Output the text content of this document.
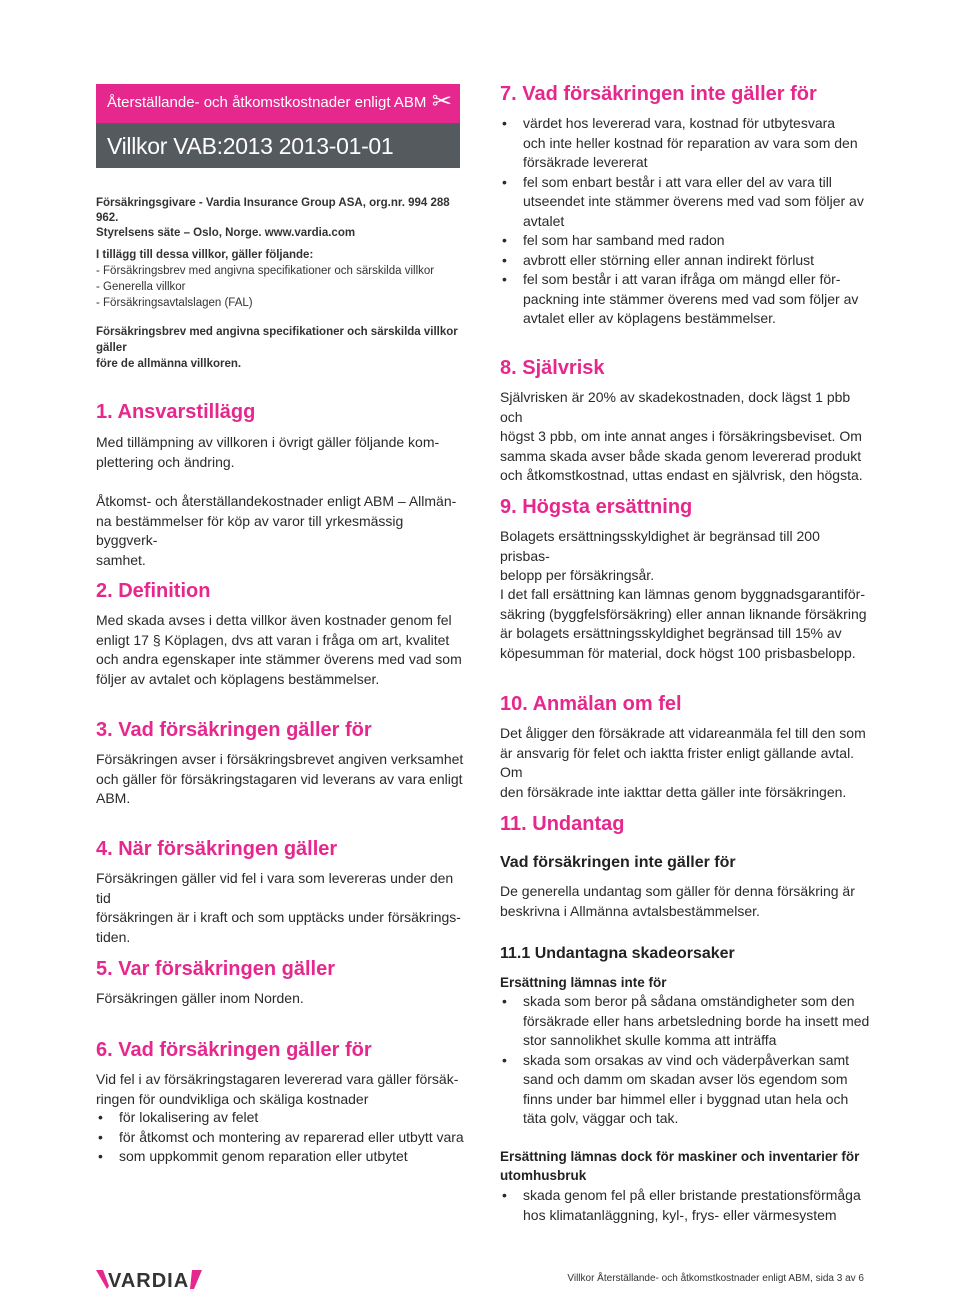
Återställande- och åtkomstkostnader enligt ABM ✂
Villkor VAB:2013 2013-01-01
Försäkringsgivare - Vardia Insurance Group ASA, org.nr. 994 288 962.
Styrelsens säte – Oslo, Norge. www.vardia.com
I tillägg till dessa villkor, gäller följande:
- Försäkringsbrev med angivna specifikationer och särskilda villkor
- Generella villkor
- Försäkringsavtalslagen (FAL)
Försäkringsbrev med angivna specifikationer och särskilda villkor gäller
före de allmänna villkoren.
1. Ansvarstillägg
Med tillämpning av villkoren i övrigt gäller följande kom-
plettering och ändring.
Åtkomst- och återställandekostnader enligt ABM – Allmän-
na bestämmelser för köp av varor till yrkesmässig byggverk-
samhet.
2. Definition
Med skada avses i detta villkor även kostnader genom fel
enligt 17 § Köplagen, dvs att varan i fråga om art, kvalitet
och andra egenskaper inte stämmer överens med vad som
följer av avtalet och köplagens bestämmelser.
3. Vad försäkringen gäller för
Försäkringen avser i försäkringsbrevet angiven verksamhet
och gäller för försäkringstagaren vid leverans av vara enligt
ABM.
4. När försäkringen gäller
Försäkringen gäller vid fel i vara som levereras under den tid
försäkringen är i kraft och som upptäcks under försäkrings-
tiden.
5. Var försäkringen gäller
Försäkringen gäller inom Norden.
6. Vad försäkringen gäller för
Vid fel i av försäkringstagaren levererad vara gäller försäk-
ringen för oundvikliga och skäliga kostnader
• för lokalisering av felet
• för åtkomst och montering av reparerad eller utbytt vara
• som uppkommit genom reparation eller utbytet
7. Vad försäkringen inte gäller för
• värdet hos levererad vara, kostnad för utbytesvara
och inte heller kostnad för reparation av vara som den
försäkrade levererat
• fel som enbart består i att vara eller del av vara till
utseendet inte stämmer överens med vad som följer av
avtalet
• fel som har samband med radon
• avbrott eller störning eller annan indirekt förlust
• fel som består i att varan ifråga om mängd eller för-
packning inte stämmer överens med vad som följer av
avtalet eller av köplagens bestämmelser.
8. Självrisk
Självrisken är 20% av skadekostnaden, dock lägst 1 pbb och
högst 3 pbb, om inte annat anges i försäkringsbeviset. Om
samma skada avser både skada genom levererad produkt
och åtkomstkostnad, uttas endast en självrisk, den högsta.
9. Högsta ersättning
Bolagets ersättningsskyldighet är begränsad till 200 prisbas-
belopp per försäkringsår.
I det fall ersättning kan lämnas genom byggnadsgarantiför-
säkring (byggfelsförsäkring) eller annan liknande försäkring
är bolagets ersättningsskyldighet begränsad till 15% av
köpesumman för material, dock högst 100 prisbasbelopp.
10. Anmälan om fel
Det åligger den försäkrade att vidareanmäla fel till den som
är ansvarig för felet och iaktta frister enligt gällande avtal. Om
den försäkrade inte iakttar detta gäller inte försäkringen.
11. Undantag
Vad försäkringen inte gäller för
De generella undantag som gäller för denna försäkring är
beskrivna i Allmänna avtalsbestämmelser.
11.1 Undantagna skadeorsaker
Ersättning lämnas inte för
• skada som beror på sådana omständigheter som den
försäkrade eller hans arbetsledning borde ha insett med
stor sannolikhet skulle komma att inträffa
• skada som orsakas av vind och väderpåverkan samt
sand och damm om skadan avser lös egendom som
finns under bar himmel eller i byggnad utan hela och
täta golv, väggar och tak.
Ersättning lämnas dock för maskiner och inventarier för
utomhusbruk
• skada genom fel på eller bristande prestationsförmåga
hos klimatanläggning, kyl-, frys- eller värmesystem
VARDIA	Villkor Återställande- och åtkomstkostnader enligt ABM, sida 3 av 6
